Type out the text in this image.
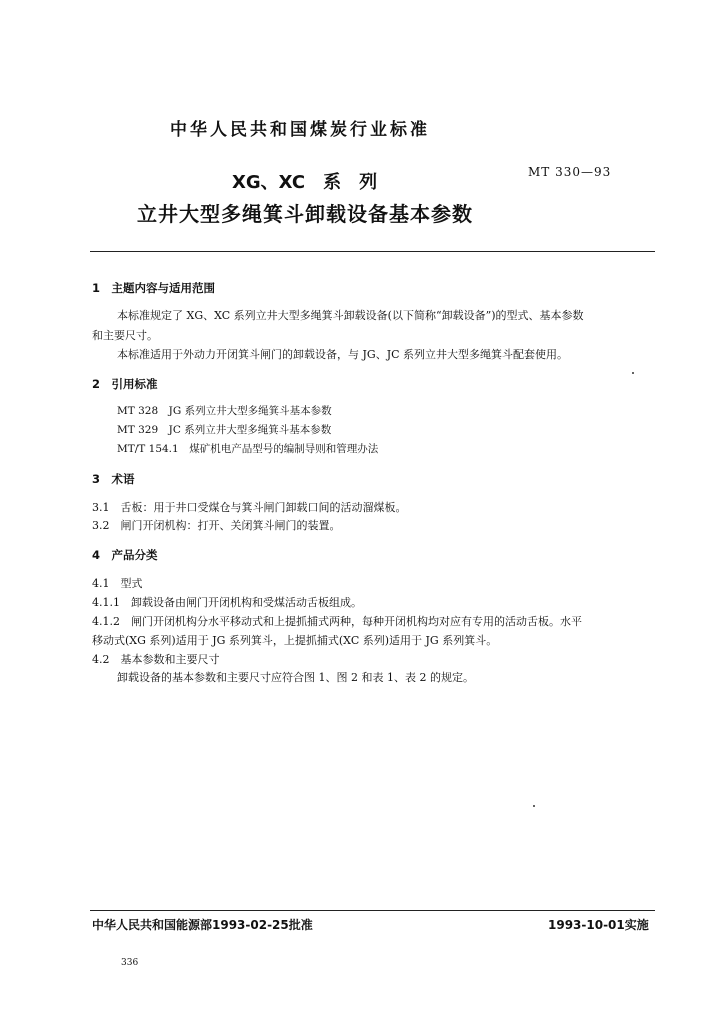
中华人民共和国煤炭行业标准
XG、XC　系　列	MT 330—93
立井大型多绳箕斗卸载设备基本参数
1　主题内容与适用范围
本标准规定了 XG、XC 系列立井大型多绳箕斗卸载设备(以下简称“卸载设备”)的型式、基本参数
和主要尺寸。
本标准适用于外动力开闭箕斗闸门的卸载设备，与 JG、JC 系列立井大型多绳箕斗配套使用。
2　引用标准
MT 328　JG 系列立井大型多绳箕斗基本参数
MT 329　JC 系列立井大型多绳箕斗基本参数
MT/T 154.1　煤矿机电产品型号的编制导则和管理办法
3　术语
3.1　舌板：用于井口受煤仓与箕斗闸门卸载口间的活动溜煤板。
3.2　闸门开闭机构：打开、关闭箕斗闸门的装置。
4　产品分类
4.1　型式
4.1.1　卸载设备由闸门开闭机构和受煤活动舌板组成。
4.1.2　闸门开闭机构分水平移动式和上提抓捕式两种，每种开闭机构均对应有专用的活动舌板。水平
移动式(XG 系列)适用于 JG 系列箕斗，上提抓捕式(XC 系列)适用于 JG 系列箕斗。
4.2　基本参数和主要尺寸
卸载设备的基本参数和主要尺寸应符合图 1、图 2 和表 1、表 2 的规定。
中华人民共和国能源部1993-02-25批准	1993-10-01实施
336
